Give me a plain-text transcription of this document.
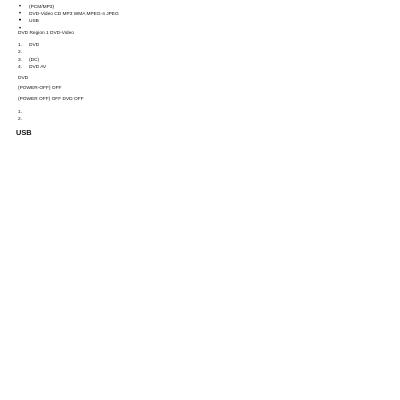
• (PCM/MP3)
• DVD-Video CD MP3 WMA MPEG-4 JPEG
• USB

DVD Region 1 DVD-Video

1.	DVD
2.
3.	(DC)
4.	DVD AV

DVD

(POWER-OFF) OFF

(POWER OFF) OFF DVD OFF

1.
2.
USB
